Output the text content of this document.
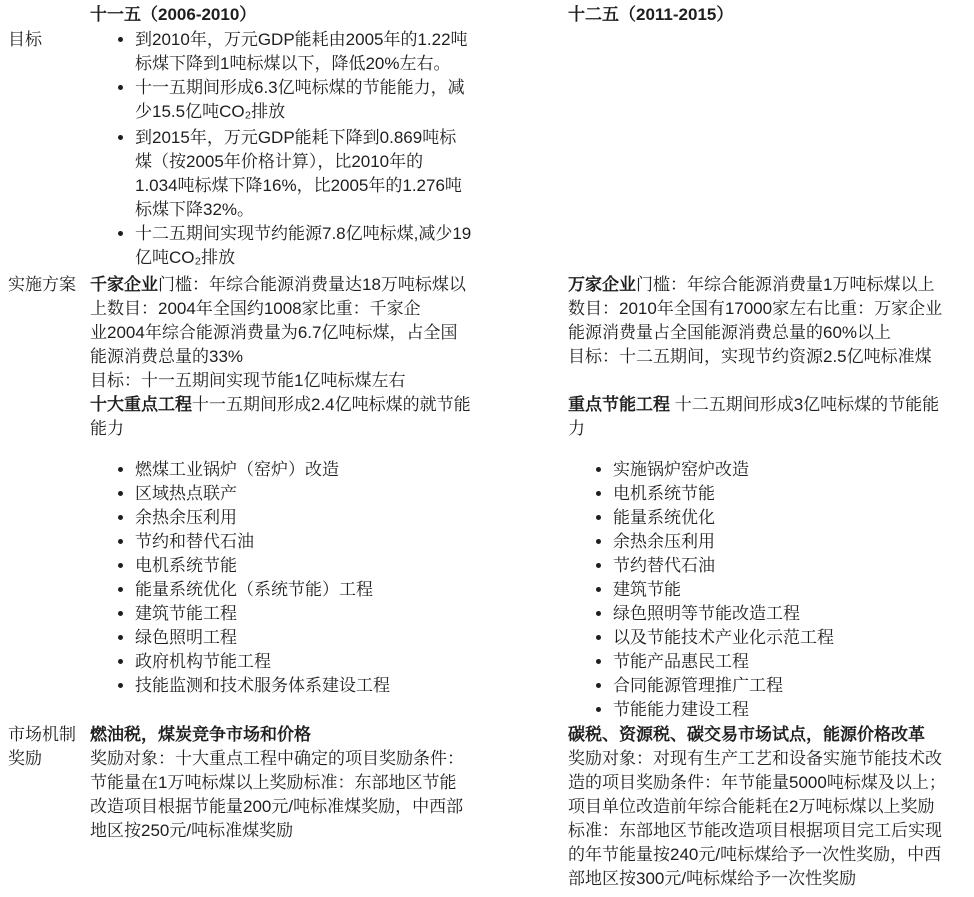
十一五（2006-2010）	十二五（2011-2015）
目标
•	到2010年，万元GDP能耗由2005年的1.22吨
标煤下降到1吨标煤以下，降低20%左右。
• 十一五期间形成6.3亿吨标煤的节能能力，减
少15.5亿吨CO₂排放
• 到2015年，万元GDP能耗下降到0.869吨标
煤（按2005年价格计算），比2010年的
1.034吨标煤下降16%，比2005年的1.276吨
标煤下降32%。
• 十二五期间实现节约能源7.8亿吨标煤,减少19
亿吨CO₂排放
实施方案 千家企业门槛：年综合能源消费量达18万吨标煤以
上数目：2004年全国约1008家比重：千家企
业2004年综合能源消费量为6.7亿吨标煤，占全国
能源消费总量的33%
目标：十一五期间实现节能1亿吨标煤左右
十大重点工程十一五期间形成2.4亿吨标煤的就节能
能力
• 燃煤工业锅炉（窑炉）改造
• 区域热点联产
• 余热余压利用
• 节约和替代石油
• 电机系统节能
• 能量系统优化（系统节能）工程
• 建筑节能工程
• 绿色照明工程
• 政府机构节能工程
• 技能监测和技术服务体系建设工程
万家企业门槛：年综合能源消费量1万吨标煤以上
数目：2010年全国有17000家左右比重：万家企业
能源消费量占全国能源消费总量的60%以上
目标：十二五期间，实现节约资源2.5亿吨标准煤
重点节能工程 十二五期间形成3亿吨标煤的节能能
力
• 实施锅炉窑炉改造
• 电机系统节能
• 能量系统优化
• 余热余压利用
• 节约替代石油
• 建筑节能
• 绿色照明等节能改造工程
• 以及节能技术产业化示范工程
• 节能产品惠民工程
• 合同能源管理推广工程
• 节能能力建设工程
市场机制奖励
燃油税，煤炭竞争市场和价格
奖励对象：十大重点工程中确定的项目奖励条件：
节能量在1万吨标煤以上奖励标准：东部地区节能
改造项目根据节能量200元/吨标准煤奖励，中西部
地区按250元/吨标准煤奖励
碳税、资源税、碳交易市场试点，能源价格改革
奖励对象：对现有生产工艺和设备实施节能技术改
造的项目奖励条件：年节能量5000吨标煤及以上；
项目单位改造前年综合能耗在2万吨标煤以上奖励
标准：东部地区节能改造项目根据项目完工后实现
的年节能量按240元/吨标煤给予一次性奖励，中西
部地区按300元/吨标煤给予一次性奖励
